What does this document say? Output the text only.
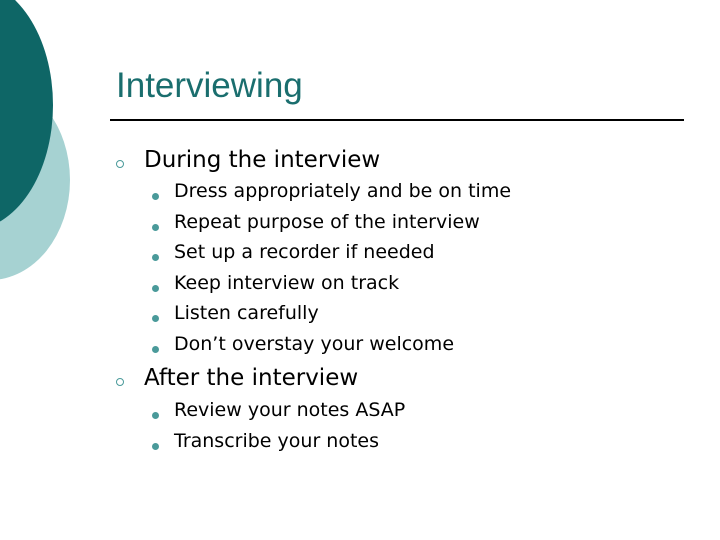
Interviewing
During the interview
Dress appropriately and be on time
Repeat purpose of the interview
Set up a recorder if needed
Keep interview on track
Listen carefully
Don’t overstay your welcome
After the interview
Review your notes ASAP
Transcribe your notes
